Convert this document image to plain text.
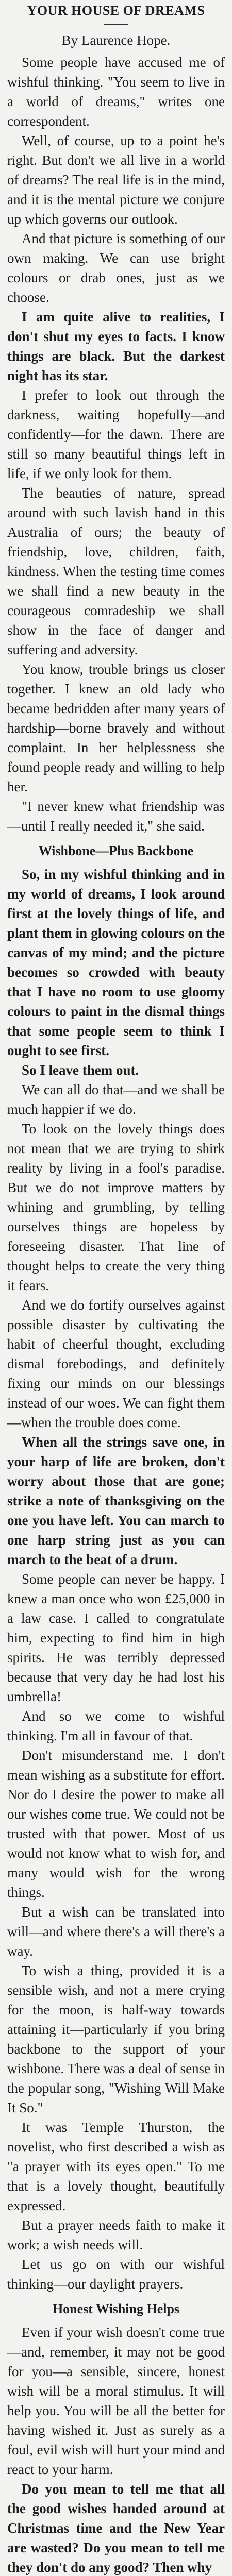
YOUR HOUSE OF DREAMS
By Laurence Hope.

Some people have accused me of wishful thinking. "You seem to live in a world of dreams," writes one correspondent.

Well, of course, up to a point he's right. But don't we all live in a world of dreams? The real life is in the mind, and it is the mental picture we conjure up which governs our outlook.

And that picture is something of our own making. We can use bright colours or drab ones, just as we choose.

I am quite alive to realities, I don't shut my eyes to facts. I know things are black. But the darkest night has its star.

I prefer to look out through the darkness, waiting hopefully—and confidently—for the dawn. There are still so many beautiful things left in life, if we only look for them.

The beauties of nature, spread around with such lavish hand in this Australia of ours; the beauty of friendship, love, children, faith, kindness. When the testing time comes we shall find a new beauty in the courageous comradeship we shall show in the face of danger and suffering and adversity.

You know, trouble brings us closer together. I knew an old lady who became bedridden after many years of hardship—borne bravely and without complaint. In her helplessness she found people ready and willing to help her.

"I never knew what friendship was—until I really needed it," she said.

Wishbone—Plus Backbone

So, in my wishful thinking and in my world of dreams, I look around first at the lovely things of life, and plant them in glowing colours on the canvas of my mind; and the picture becomes so crowded with beauty that I have no room to use gloomy colours to paint in the dismal things that some people seem to think I ought to see first.

So I leave them out.

We can all do that—and we shall be much happier if we do.

To look on the lovely things does not mean that we are trying to shirk reality by living in a fool's paradise. But we do not improve matters by whining and grumbling, by telling ourselves things are hopeless by foreseeing disaster. That line of thought helps to create the very thing it fears.

And we do fortify ourselves against possible disaster by cultivating the habit of cheerful thought, excluding dismal forebodings, and definitely fixing our minds on our blessings instead of our woes. We can fight them—when the trouble does come.

When all the strings save one, in your harp of life are broken, don't worry about those that are gone; strike a note of thanksgiving on the one you have left. You can march to one harp string just as you can march to the beat of a drum.

Some people can never be happy. I knew a man once who won £25,000 in a law case. I called to congratulate him, expecting to find him in high spirits. He was terribly depressed because that very day he had lost his umbrella!

And so we come to wishful thinking. I'm all in favour of that.

Don't misunderstand me. I don't mean wishing as a substitute for effort. Nor do I desire the power to make all our wishes come true. We could not be trusted with that power. Most of us would not know what to wish for, and many would wish for the wrong things.

But a wish can be translated into will—and where there's a will there's a way.

To wish a thing, provided it is a sensible wish, and not a mere crying for the moon, is half-way towards attaining it—particularly if you bring backbone to the support of your wishbone. There was a deal of sense in the popular song, "Wishing Will Make It So."

It was Temple Thurston, the novelist, who first described a wish as "a prayer with its eyes open." To me that is a lovely thought, beautifully expressed.

But a prayer needs faith to make it work; a wish needs will.

Let us go on with our wishful thinking—our daylight prayers.

Honest Wishing Helps

Even if your wish doesn't come true—and, remember, it may not be good for you—a sensible, sincere, honest wish will be a moral stimulus. It will help you. You will be all the better for having wished it. Just as surely as a foul, evil wish will hurt your mind and react to your harm.

Do you mean to tell me that all the good wishes handed around at Christmas time and the New Year are wasted? Do you mean to tell me they don't do any good? Then why
